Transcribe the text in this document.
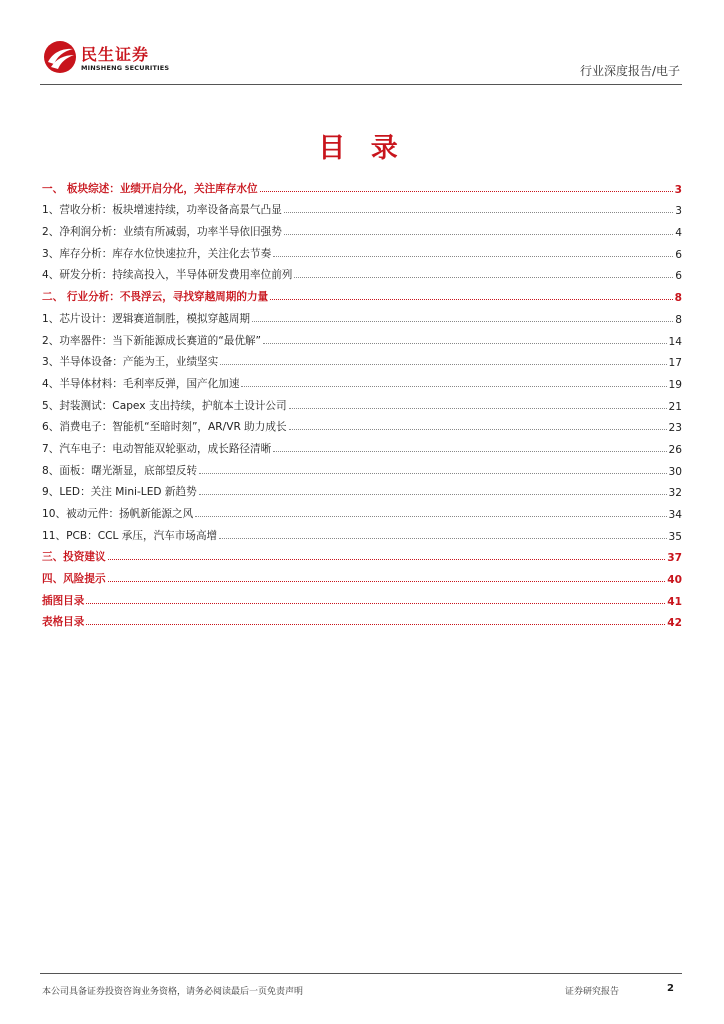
民生证券
MINSHENG SECURITIES	行业深度报告/电子
目 录
一、 板块综述：业绩开启分化，关注库存水位	3
1、营收分析：板块增速持续，功率设备高景气凸显	3
2、净利润分析：业绩有所减弱，功率半导依旧强势	4
3、库存分析：库存水位快速拉升，关注化去节奏	6
4、研发分析：持续高投入，半导体研发费用率位前列	6
二、 行业分析：不畏浮云，寻找穿越周期的力量	8
1、芯片设计：逻辑赛道制胜，模拟穿越周期	8
2、功率器件：当下新能源成长赛道的“最优解”	14
3、半导体设备：产能为王，业绩坚实	17
4、半导体材料：毛利率反弹，国产化加速	19
5、封装测试：Capex 支出持续，护航本土设计公司	21
6、消费电子：智能机“至暗时刻”，AR/VR 助力成长	23
7、汽车电子：电动智能双轮驱动，成长路径清晰	26
8、面板：曙光渐显，底部望反转	30
9、LED：关注 Mini-LED 新趋势	32
10、被动元件：扬帆新能源之风	34
11、PCB：CCL 承压，汽车市场高增	35
三、投资建议	37
四、风险提示	40
插图目录	41
表格目录	42
本公司具备证券投资咨询业务资格，请务必阅读最后一页免责声明	证券研究报告	2
